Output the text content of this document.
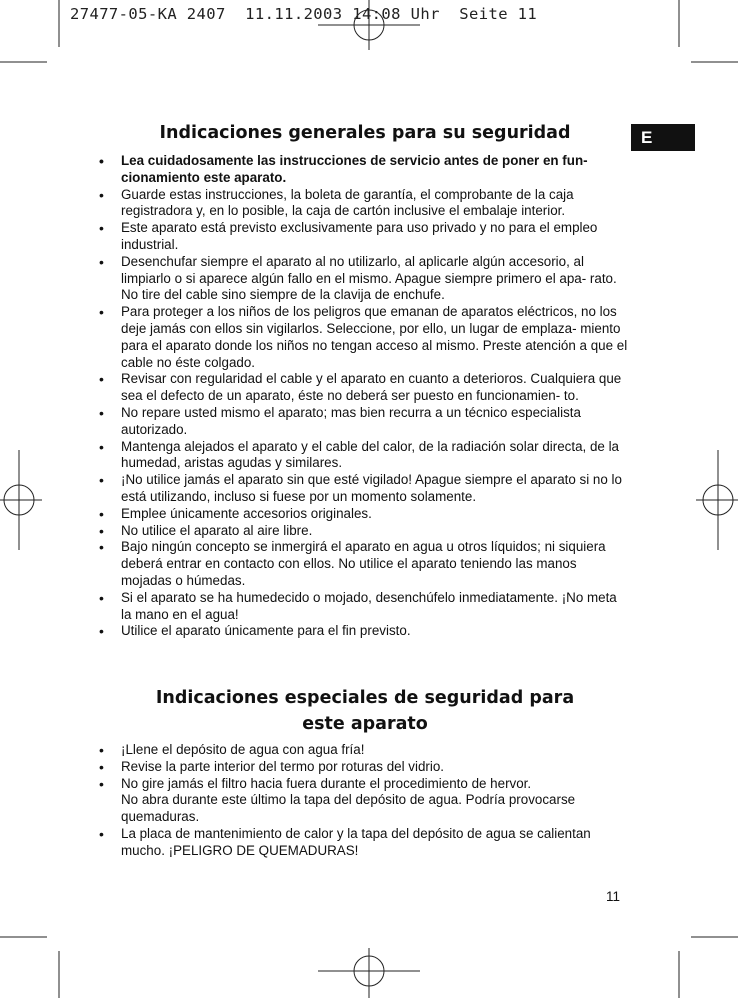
27477-05-KA 2407  11.11.2003 14:08 Uhr  Seite 11
E
Indicaciones generales para su seguridad
• Lea cuidadosamente las instrucciones de servicio antes de poner en fun- cionamiento este aparato.
• Guarde estas instrucciones, la boleta de garantía, el comprobante de la caja registradora y, en lo posible, la caja de cartón inclusive el embalaje interior.
• Este aparato está previsto exclusivamente para uso privado y no para el empleo industrial.
• Desenchufar siempre el aparato al no utilizarlo, al aplicarle algún accesorio, al limpiarlo o si aparece algún fallo en el mismo. Apague siempre primero el apa- rato. No tire del cable sino siempre de la clavija de enchufe.
• Para proteger a los niños de los peligros que emanan de aparatos eléctricos, no los deje jamás con ellos sin vigilarlos. Seleccione, por ello, un lugar de emplaza- miento para el aparato donde los niños no tengan acceso al mismo. Preste atención a que el cable no éste colgado.
• Revisar con regularidad el cable y el aparato en cuanto a deterioros. Cualquiera que sea el defecto de un aparato, éste no deberá ser puesto en funcionamien- to.
• No repare usted mismo el aparato; mas bien recurra a un técnico especialista autorizado.
• Mantenga alejados el aparato y el cable del calor, de la radiación solar directa, de la humedad, aristas agudas y similares.
• ¡No utilice jamás el aparato sin que esté vigilado! Apague siempre el aparato si no lo está utilizando, incluso si fuese por un momento solamente.
• Emplee únicamente accesorios originales.
• No utilice el aparato al aire libre.
• Bajo ningún concepto se inmergirá el aparato en agua u otros líquidos; ni siquiera deberá entrar en contacto con ellos. No utilice el aparato teniendo las manos mojadas o húmedas.
• Si el aparato se ha humedecido o mojado, desenchúfelo inmediatamente. ¡No meta la mano en el agua!
• Utilice el aparato únicamente para el fin previsto.
Indicaciones especiales de seguridad para
este aparato
• ¡Llene el depósito de agua con agua fría!
• Revise la parte interior del termo por roturas del vidrio.
• No gire jamás el filtro hacia fuera durante el procedimiento de hervor.
No abra durante este último la tapa del depósito de agua. Podría provocarse quemaduras.
• La placa de mantenimiento de calor y la tapa del depósito de agua se calientan mucho. ¡PELIGRO DE QUEMADURAS!
11
